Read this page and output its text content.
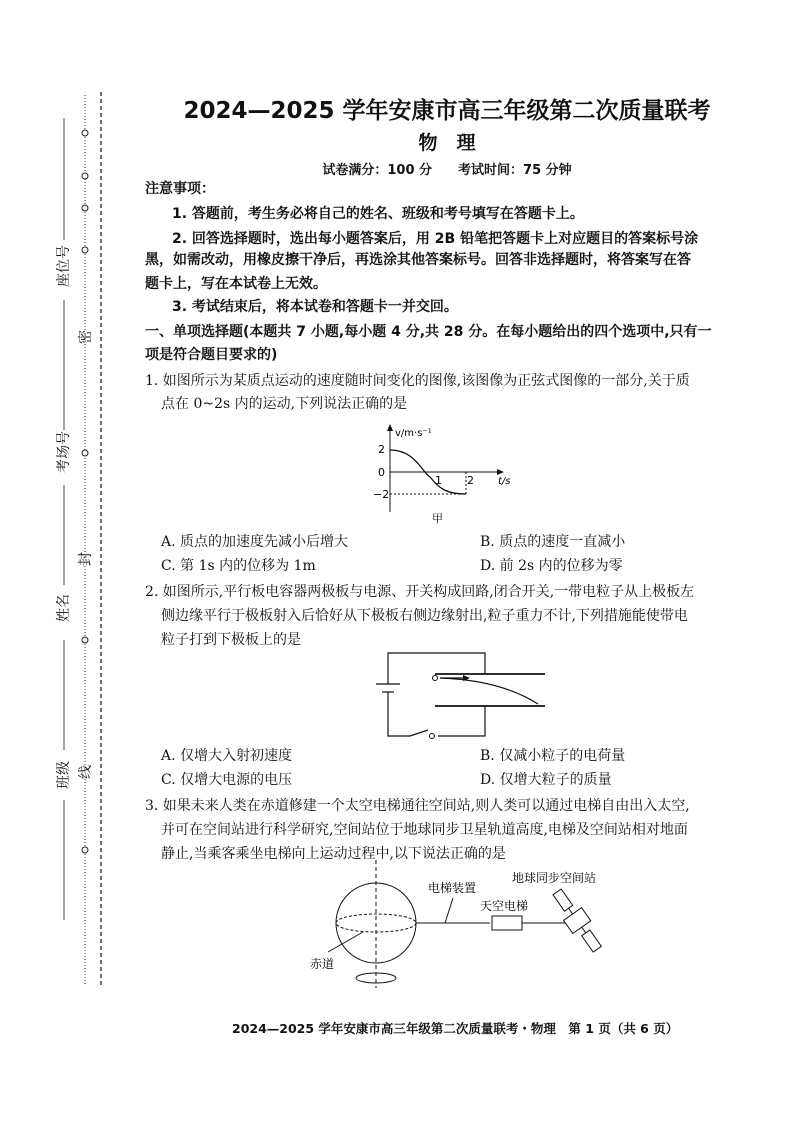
座位号
考场号
姓名
班级
密
封
线
2024—2025 学年安康市高三年级第二次质量联考
物　理
试卷满分：100 分　　考试时间：75 分钟
注意事项：
1. 答题前，考生务必将自己的姓名、班级和考号填写在答题卡上。
2. 回答选择题时，选出每小题答案后，用 2B 铅笔把答题卡上对应题目的答案标号涂
黑，如需改动，用橡皮擦干净后，再选涂其他答案标号。回答非选择题时，将答案写在答
题卡上，写在本试卷上无效。
3. 考试结束后，将本试卷和答题卡一并交回。
一、单项选择题(本题共 7 小题,每小题 4 分,共 28 分。在每小题给出的四个选项中,只有一
项是符合题目要求的)
1. 如图所示为某质点运动的速度随时间变化的图像,该图像为正弦式图像的一部分,关于质
点在 0~2s 内的运动,下列说法正确的是
v/m·s⁻¹
2
0
−2
1 2 t/s
甲
A. 质点的加速度先减小后增大	B. 质点的速度一直减小
C. 第 1s 内的位移为 1m	D. 前 2s 内的位移为零
2. 如图所示,平行板电容器两极板与电源、开关构成回路,闭合开关,一带电粒子从上极板左
侧边缘平行于极板射入后恰好从下极板右侧边缘射出,粒子重力不计,下列措施能使带电
粒子打到下极板上的是
A. 仅增大入射初速度	B. 仅减小粒子的电荷量
C. 仅增大电源的电压	D. 仅增大粒子的质量
3. 如果未来人类在赤道修建一个太空电梯通往空间站,则人类可以通过电梯自由出入太空,
并可在空间站进行科学研究,空间站位于地球同步卫星轨道高度,电梯及空间站相对地面
静止,当乘客乘坐电梯向上运动过程中,以下说法正确的是
电梯装置
地球同步空间站
天空电梯
赤道
2024—2025 学年安康市高三年级第二次质量联考・物理　第 1 页（共 6 页）
